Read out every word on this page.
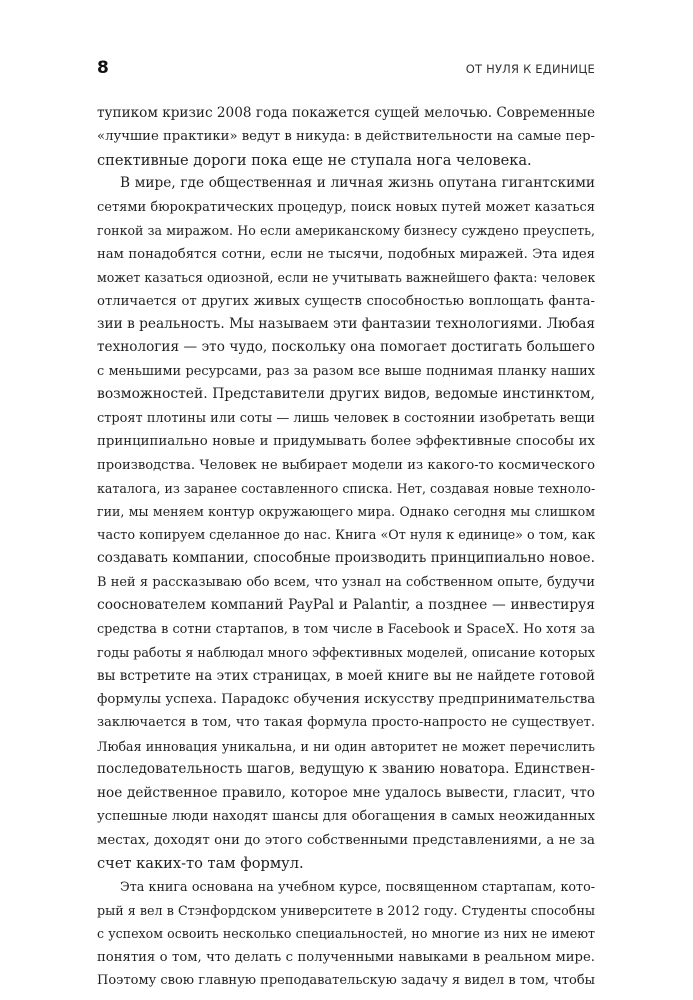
8	ОТ НУЛЯ К ЕДИНИЦЕ
тупиком кризис 2008 года покажется сущей мелочью. Современные
«лучшие практики» ведут в никуда: в действительности на самые пер-
спективные дороги пока еще не ступала нога человека.
В мире, где общественная и личная жизнь опутана гигантскими
сетями бюрократических процедур, поиск новых путей может казаться
гонкой за миражом. Но если американскому бизнесу суждено преуспеть,
нам понадобятся сотни, если не тысячи, подобных миражей. Эта идея
может казаться одиозной, если не учитывать важнейшего факта: человек
отличается от других живых существ способностью воплощать фанта-
зии в реальность. Мы называем эти фантазии технологиями. Любая
технология — это чудо, поскольку она помогает достигать большего
с меньшими ресурсами, раз за разом все выше поднимая планку наших
возможностей. Представители других видов, ведомые инстинктом,
строят плотины или соты — лишь человек в состоянии изобретать вещи
принципиально новые и придумывать более эффективные способы их
производства. Человек не выбирает модели из какого-то космического
каталога, из заранее составленного списка. Нет, создавая новые техноло-
гии, мы меняем контур окружающего мира. Однако сегодня мы слишком
часто копируем сделанное до нас. Книга «От нуля к единице» о том, как
создавать компании, способные производить принципиально новое.
В ней я рассказываю обо всем, что узнал на собственном опыте, будучи
сооснователем компаний PayPal и Palantir, а позднее — инвестируя
средства в сотни стартапов, в том числе в Facebook и SpaceX. Но хотя за
годы работы я наблюдал много эффективных моделей, описание которых
вы встретите на этих страницах, в моей книге вы не найдете готовой
формулы успеха. Парадокс обучения искусству предпринимательства
заключается в том, что такая формула просто-напросто не существует.
Любая инновация уникальна, и ни один авторитет не может перечислить
последовательность шагов, ведущую к званию новатора. Единствен-
ное действенное правило, которое мне удалось вывести, гласит, что
успешные люди находят шансы для обогащения в самых неожиданных
местах, доходят они до этого собственными представлениями, а не за
счет каких-то там формул.
Эта книга основана на учебном курсе, посвященном стартапам, кото-
рый я вел в Стэнфордском университете в 2012 году. Студенты способны
с успехом освоить несколько специальностей, но многие из них не имеют
понятия о том, что делать с полученными навыками в реальном мире.
Поэтому свою главную преподавательскую задачу я видел в том, чтобы
